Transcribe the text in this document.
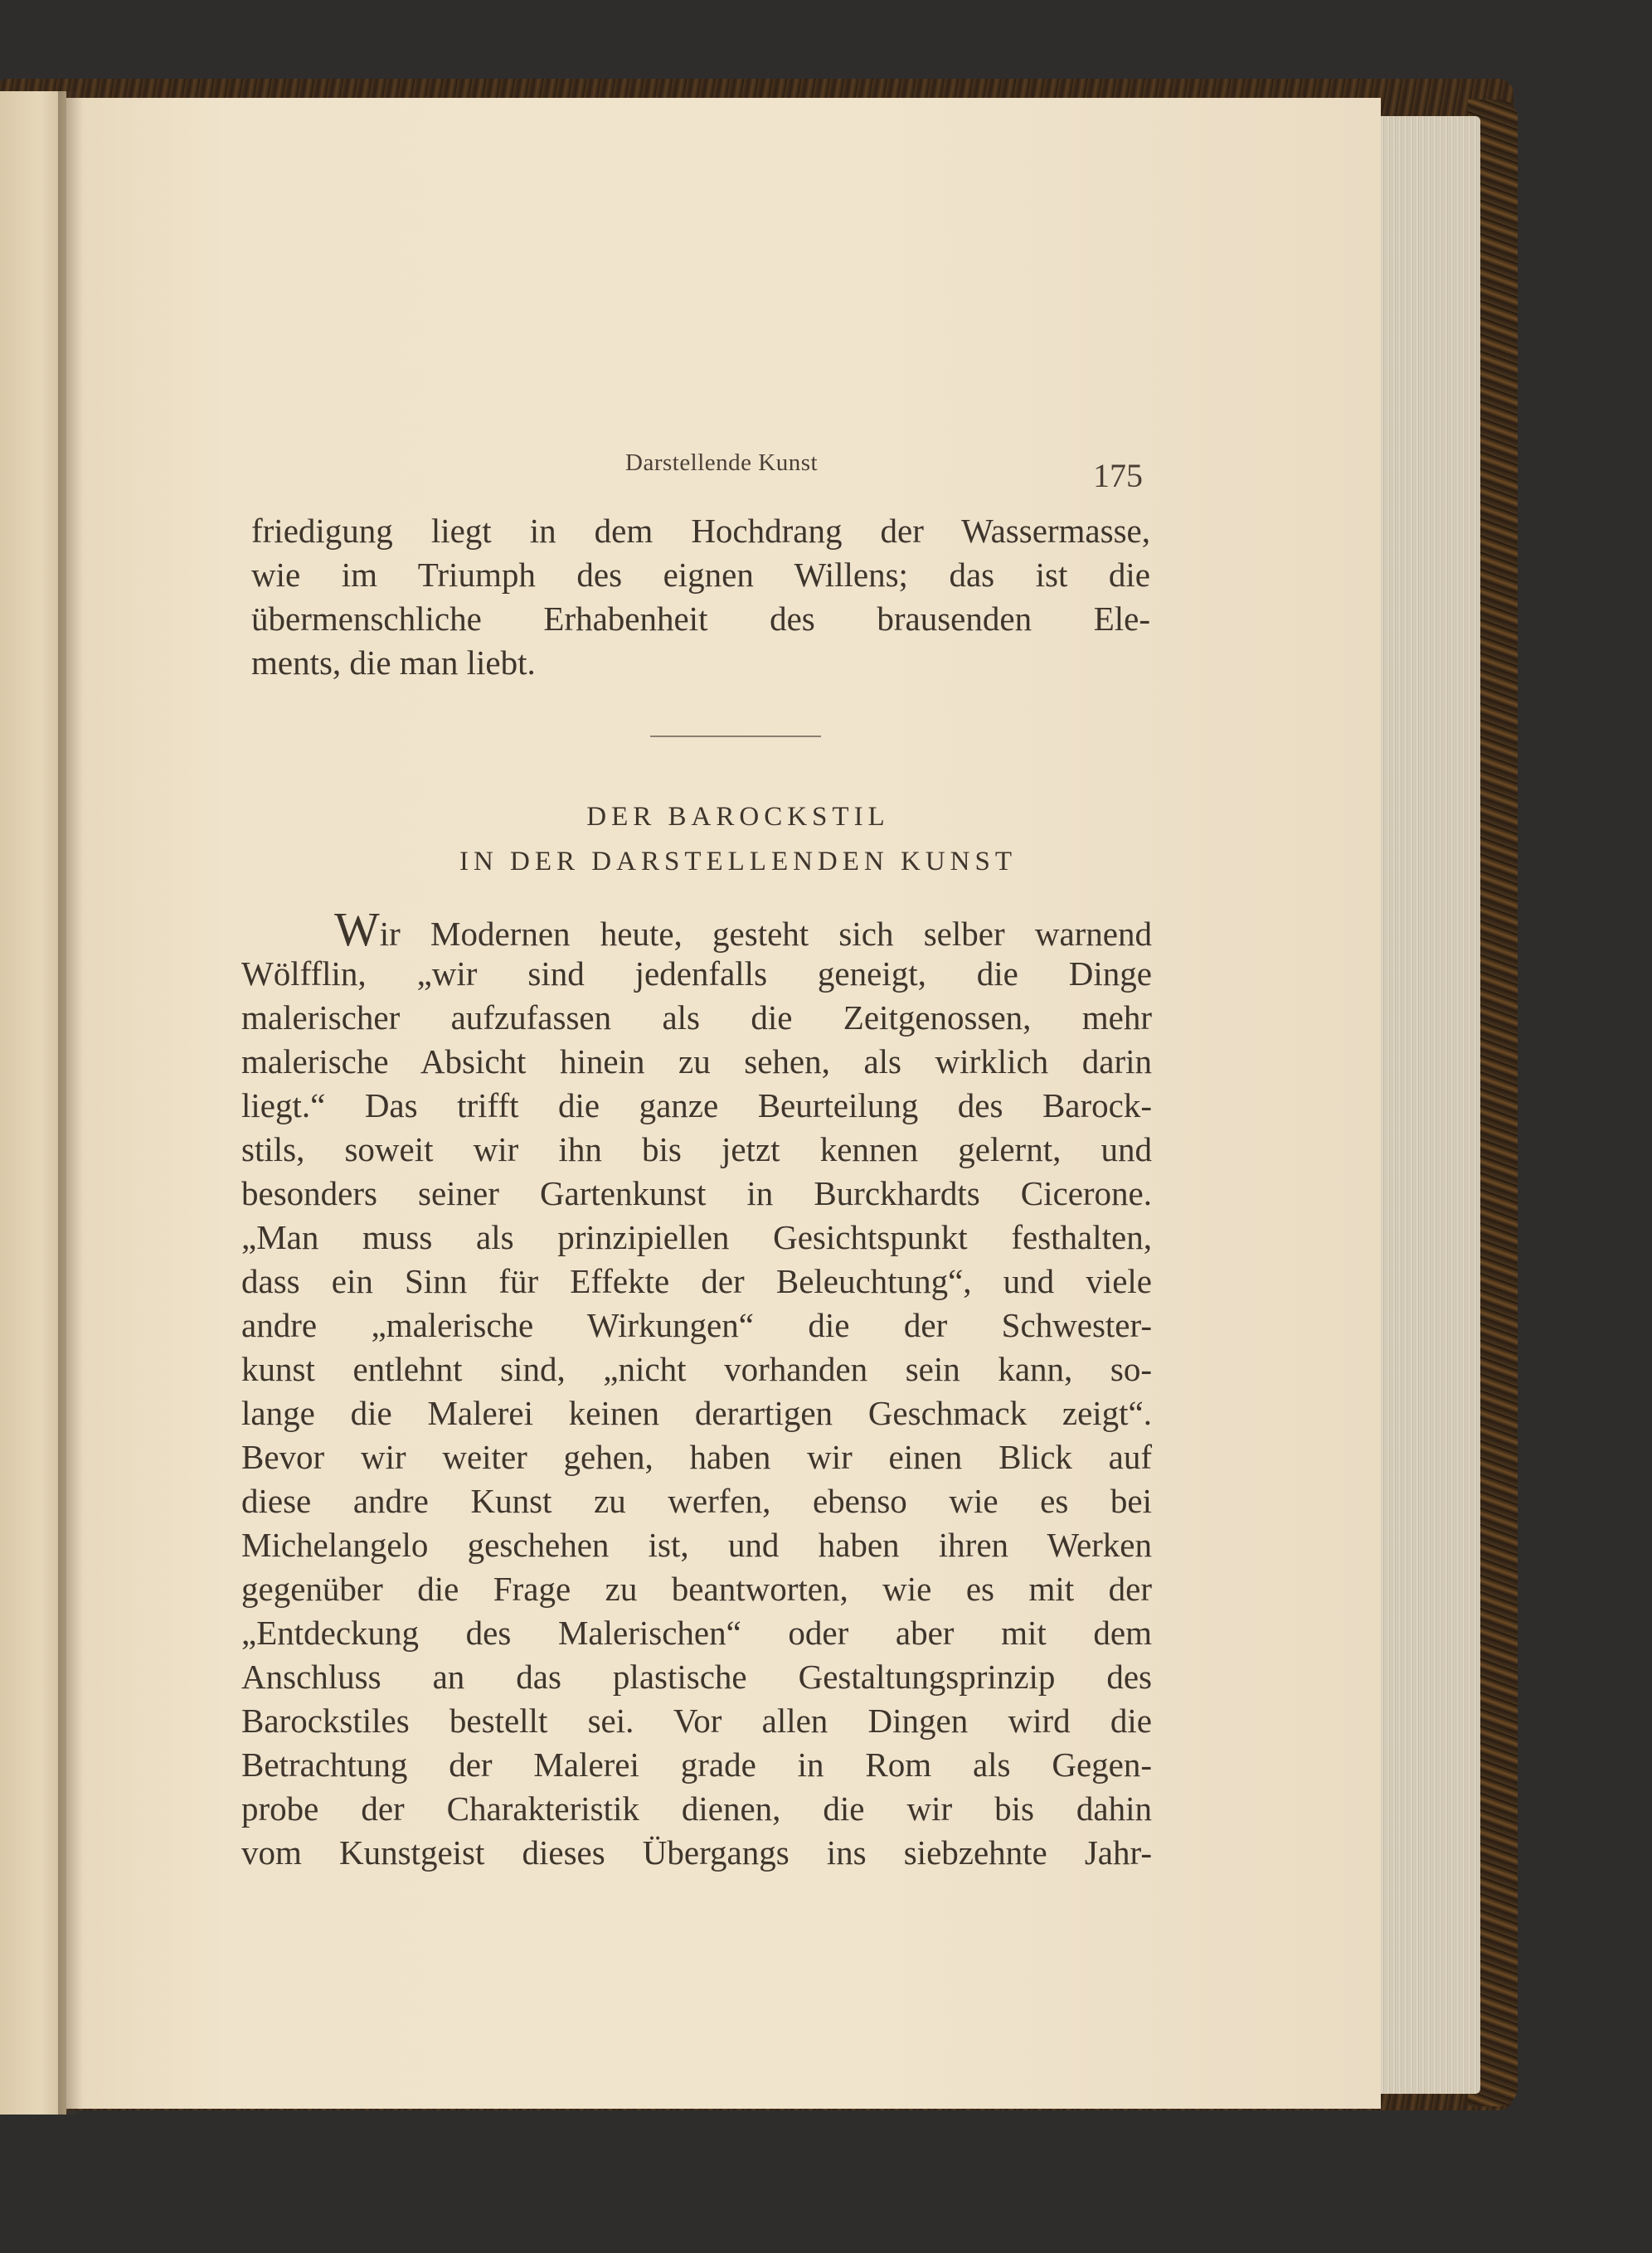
Darstellende Kunst	175
friedigung liegt in dem Hochdrang der Wassermasse,
wie im Triumph des eignen Willens; das ist die
übermenschliche Erhabenheit des brausenden Ele-
ments, die man liebt.
DER BAROCKSTIL
IN DER DARSTELLENDEN KUNST
Wir Modernen heute, gesteht sich selber warnend
Wölfflin, „wir sind jedenfalls geneigt, die Dinge
malerischer aufzufassen als die Zeitgenossen, mehr
malerische Absicht hinein zu sehen, als wirklich darin
liegt.“ Das trifft die ganze Beurteilung des Barock-
stils, soweit wir ihn bis jetzt kennen gelernt, und
besonders seiner Gartenkunst in Burckhardts Cicerone.
„Man muss als prinzipiellen Gesichtspunkt festhalten,
dass ein Sinn für Effekte der Beleuchtung“, und viele
andre „malerische Wirkungen“ die der Schwester-
kunst entlehnt sind, „nicht vorhanden sein kann, so-
lange die Malerei keinen derartigen Geschmack zeigt“.
Bevor wir weiter gehen, haben wir einen Blick auf
diese andre Kunst zu werfen, ebenso wie es bei
Michelangelo geschehen ist, und haben ihren Werken
gegenüber die Frage zu beantworten, wie es mit der
„Entdeckung des Malerischen“ oder aber mit dem
Anschluss an das plastische Gestaltungsprinzip des
Barockstiles bestellt sei. Vor allen Dingen wird die
Betrachtung der Malerei grade in Rom als Gegen-
probe der Charakteristik dienen, die wir bis dahin
vom Kunstgeist dieses Übergangs ins siebzehnte Jahr-
